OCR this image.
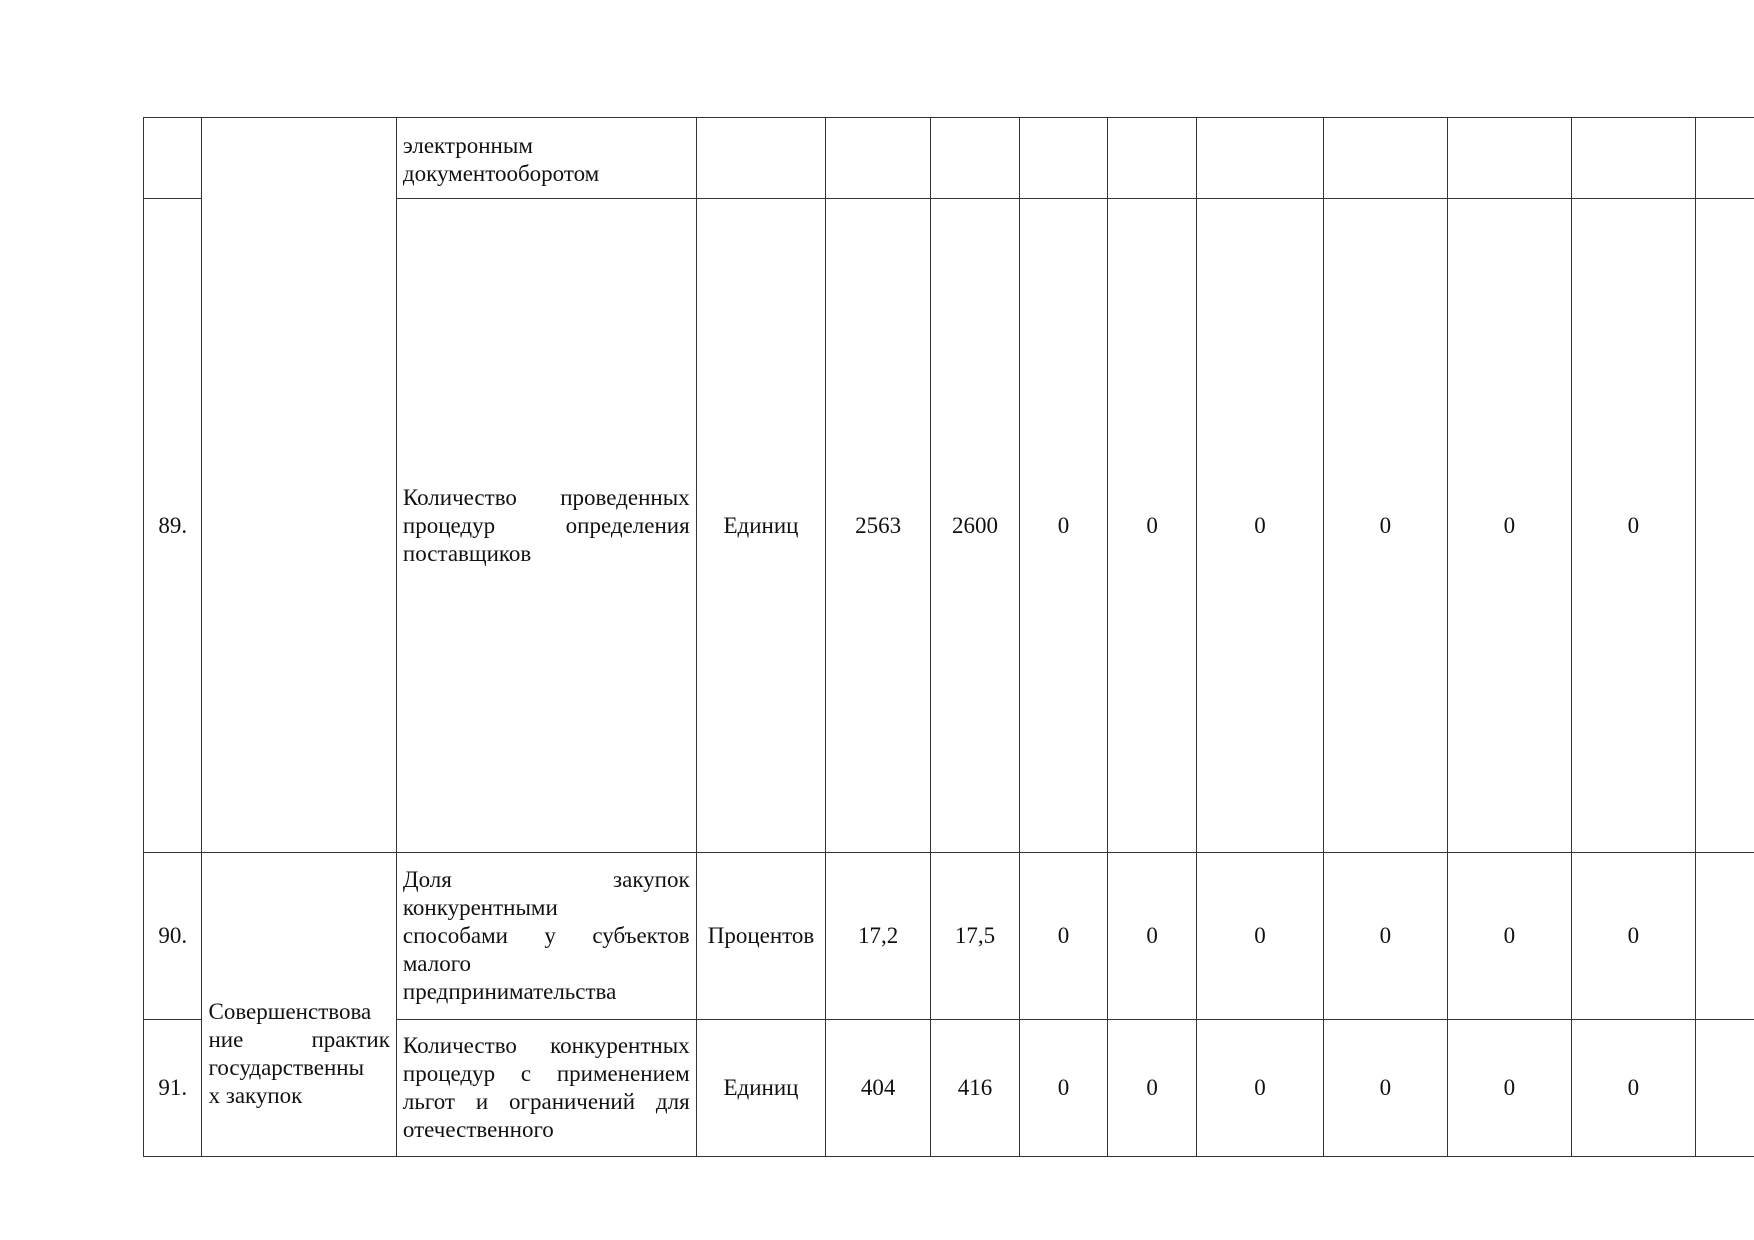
		электронным
документооборотом										

89.		Количество проведенных
процедур определения
поставщиков	Единиц	2563	2600	0	0	0	0	0	0	
90.	Совершенствова
ние практик
государственны
х закупок	Доля закупок
конкурентными
способами у субъектов
малого
предпринимательства	Процентов	17,2	17,5	0	0	0	0	0	0	
91.		Количество конкурентных
процедур с применением
льгот и ограничений для
отечественного	Единиц	404	416	0	0	0	0	0	0	
